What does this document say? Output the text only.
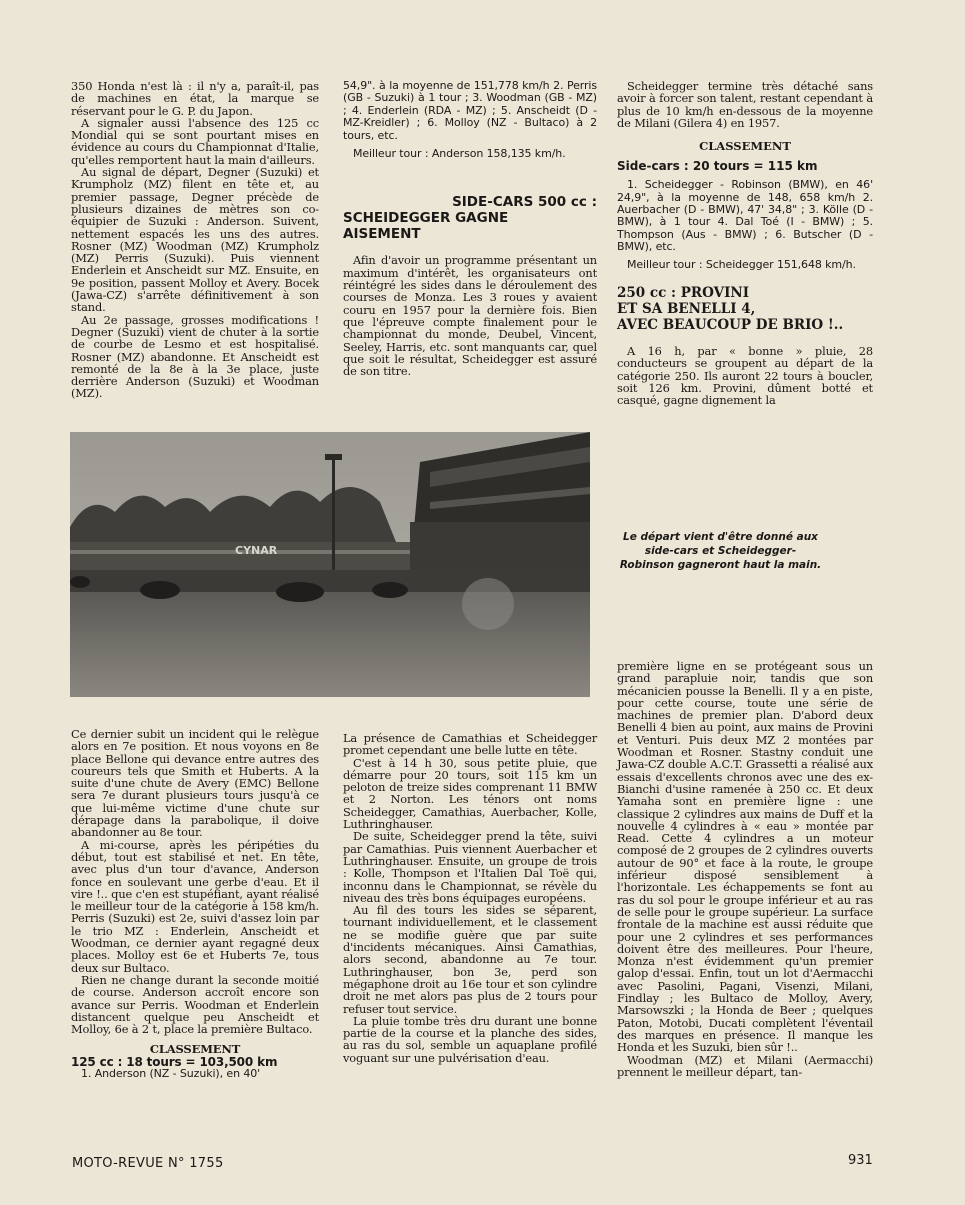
350 Honda n'est là : il n'y a, paraît-il, pas de machines en état, la marque se réservant pour le G. P. du Japon.

A signaler aussi l'absence des 125 cc Mondial qui se sont pourtant mises en évidence au cours du Championnat d'Italie, qu'elles remportent haut la main d'ailleurs.

Au signal de départ, Degner (Suzuki) et Krumpholz (MZ) filent en tête et, au premier passage, Degner précède de plusieurs dizaines de mètres son co-équipier de Suzuki : Anderson. Suivent, nettement espacés les uns des autres. Rosner (MZ) Woodman (MZ) Krumpholz (MZ) Perris (Suzuki). Puis viennent Enderlein et Anscheidt sur MZ. Ensuite, en 9e position, passent Molloy et Avery. Bocek (Jawa-CZ) s'arrête définitivement à son stand.

Au 2e passage, grosses modifications ! Degner (Suzuki) vient de chuter à la sortie de courbe de Lesmo et est hospitalisé. Rosner (MZ) abandonne. Et Anscheidt est remonté de la 8e à la 3e place, juste derrière Anderson (Suzuki) et Woodman (MZ).

54,9". à la moyenne de 151,778 km/h 2. Perris (GB - Suzuki) à 1 tour ; 3. Woodman (GB - MZ) ; 4. Enderlein (RDA - MZ) ; 5. Anscheidt (D - MZ-Kreidler) ; 6. Molloy (NZ - Bultaco) à 2 tours, etc.

Meilleur tour : Anderson 158,135 km/h.

SIDE-CARS 500 cc :

SCHEIDEGGER GAGNE

AISEMENT

Afin d'avoir un programme présentant un maximum d'intérêt, les organisateurs ont réintégré les sides dans le déroulement des courses de Monza. Les 3 roues y avaient couru en 1957 pour la dernière fois. Bien que l'épreuve compte finalement pour le championnat du monde, Deubel, Vincent, Seeley, Harris, etc. sont manquants car, quel que soit le résultat, Scheidegger est assuré de son titre.

Scheidegger termine très détaché sans avoir à forcer son talent, restant cependant à plus de 10 km/h en-dessous de la moyenne de Milani (Gilera 4) en 1957.

CLASSEMENT
Side-cars : 20 tours = 115 km

1. Scheidegger - Robinson (BMW), en 46' 24,9", à la moyenne de 148, 658 km/h 2. Auerbacher (D - BMW), 47' 34,8" ; 3. Kölle (D - BMW), à 1 tour 4. Dal Toé (I - BMW) ; 5. Thompson (Aus - BMW) ; 6. Butscher (D - BMW), etc.

Meilleur tour : Scheidegger 151,648 km/h.

250 cc : PROVINI

ET SA BENELLI 4,

AVEC BEAUCOUP DE BRIO !..

A 16 h, par « bonne » pluie, 28 conducteurs se groupent au départ de la catégorie 250. Ils auront 22 tours à boucler, soit 126 km. Provini, dûment botté et casqué, gagne dignement la

CYNAR
Le départ vient d'être donné aux side-cars et Scheidegger-Robinson gagneront haut la main.

Ce dernier subit un incident qui le relègue alors en 7e position. Et nous voyons en 8e place Bellone qui devance entre autres des coureurs tels que Smith et Huberts. A la suite d'une chute de Avery (EMC) Bellone sera 7e durant plusieurs tours jusqu'à ce que lui-même victime d'une chute sur dérapage dans la parabolique, il doive abandonner au 8e tour.

A mi-course, après les péripéties du début, tout est stabilisé et net. En tête, avec plus d'un tour d'avance, Anderson fonce en soulevant une gerbe d'eau. Et il vire !.. que c'en est stupéfiant, ayant réalisé le meilleur tour de la catégorie à 158 km/h. Perris (Suzuki) est 2e, suivi d'assez loin par le trio MZ : Enderlein, Anscheidt et Woodman, ce dernier ayant regagné deux places. Molloy est 6e et Huberts 7e, tous deux sur Bultaco.

Rien ne change durant la seconde moitié de course. Anderson accroît encore son avance sur Perris. Woodman et Enderlein distancent quelque peu Anscheidt et Molloy, 6e à 2 t, place la première Bultaco.

CLASSEMENT
125 cc : 18 tours = 103,500 km
1. Anderson (NZ - Suzuki), en 40'

La présence de Camathias et Scheidegger promet cependant une belle lutte en tête.

C'est à 14 h 30, sous petite pluie, que démarre pour 20 tours, soit 115 km un peloton de treize sides comprenant 11 BMW et 2 Norton. Les ténors ont noms Scheidegger, Camathias, Auerbacher, Kolle, Luthringhauser.

De suite, Scheidegger prend la tête, suivi par Camathias. Puis viennent Auerbacher et Luthringhauser. Ensuite, un groupe de trois : Kolle, Thompson et l'Italien Dal Toë qui, inconnu dans le Championnat, se révèle du niveau des très bons équipages européens.

Au fil des tours les sides se séparent, tournant individuellement, et le classement ne se modifie guère que par suite d'incidents mécaniques. Ainsi Camathias, alors second, abandonne au 7e tour. Luthringhauser, bon 3e, perd son mégaphone droit au 16e tour et son cylindre droit ne met alors pas plus de 2 tours pour refuser tout service.

La pluie tombe très dru durant une bonne partie de la course et la planche des sides, au ras du sol, semble un aquaplane profilé voguant sur une pulvérisation d'eau.

première ligne en se protégeant sous un grand parapluie noir, tandis que son mécanicien pousse la Benelli. Il y a en piste, pour cette course, toute une série de machines de premier plan. D'abord deux Benelli 4 bien au point, aux mains de Provini et Venturi. Puis deux MZ 2 montées par Woodman et Rosner. Stastny conduit une Jawa-CZ double A.C.T. Grassetti a réalisé aux essais d'excellents chronos avec une des ex-Bianchi d'usine ramenée à 250 cc. Et deux Yamaha sont en première ligne : une classique 2 cylindres aux mains de Duff et la nouvelle 4 cylindres à « eau » montée par Read. Cette 4 cylindres a un moteur composé de 2 groupes de 2 cylindres ouverts autour de 90° et face à la route, le groupe inférieur disposé sensiblement à l'horizontale. Les échappements se font au ras du sol pour le groupe inférieur et au ras de selle pour le groupe supérieur. La surface frontale de la machine est aussi réduite que pour une 2 cylindres et ses performances doivent être des meilleures. Pour l'heure, Monza n'est évidemment qu'un premier galop d'essai. Enfin, tout un lot d'Aermacchi avec Pasolini, Pagani, Visenzi, Milani, Findlay ; les Bultaco de Molloy, Avery, Marsowszki ; la Honda de Beer ; quelques Paton, Motobi, Ducati complètent l'éventail des marques en présence. Il manque les Honda et les Suzuki, bien sûr !..

Woodman (MZ) et Milani (Aermacchi) prennent le meilleur départ, tan-

MOTO-REVUE N° 1755	931
